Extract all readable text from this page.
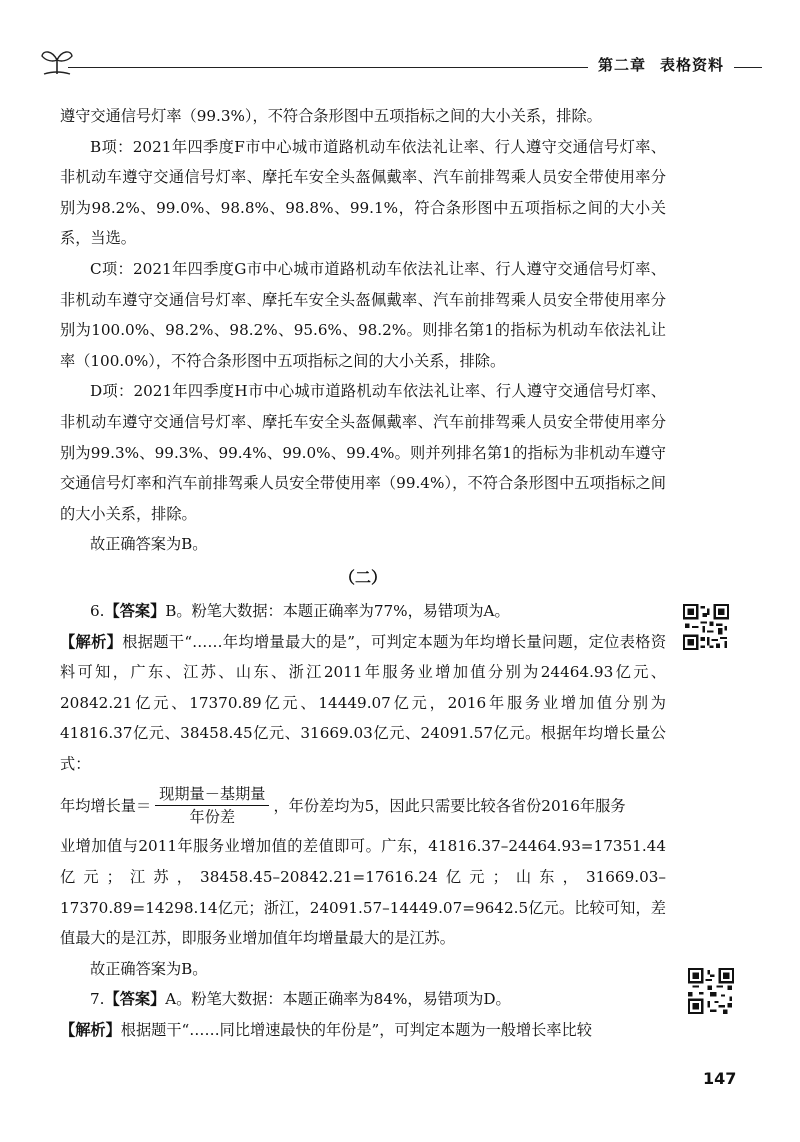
第二章 表格资料

遵守交通信号灯率（99.3%），不符合条形图中五项指标之间的大小关系，排除。

B项：2021年四季度F市中心城市道路机动车依法礼让率、行人遵守交通信号灯率、非机动车遵守交通信号灯率、摩托车安全头盔佩戴率、汽车前排驾乘人员安全带使用率分别为98.2%、99.0%、98.8%、98.8%、99.1%，符合条形图中五项指标之间的大小关系，当选。

C项：2021年四季度G市中心城市道路机动车依法礼让率、行人遵守交通信号灯率、非机动车遵守交通信号灯率、摩托车安全头盔佩戴率、汽车前排驾乘人员安全带使用率分别为100.0%、98.2%、98.2%、95.6%、98.2%。则排名第1的指标为机动车依法礼让率（100.0%），不符合条形图中五项指标之间的大小关系，排除。

D项：2021年四季度H市中心城市道路机动车依法礼让率、行人遵守交通信号灯率、非机动车遵守交通信号灯率、摩托车安全头盔佩戴率、汽车前排驾乘人员安全带使用率分别为99.3%、99.3%、99.4%、99.0%、99.4%。则并列排名第1的指标为非机动车遵守交通信号灯率和汽车前排驾乘人员安全带使用率（99.4%），不符合条形图中五项指标之间的大小关系，排除。

故正确答案为B。

（二）

6.【答案】B。粉笔大数据：本题正确率为77%，易错项为A。

【解析】根据题干“……年均增量最大的是”，可判定本题为年均增长量问题，定位表格资料可知，广东、江苏、山东、浙江2011年服务业增加值分别为24464.93亿元、20842.21亿元、17370.89亿元、14449.07亿元，2016年服务业增加值分别为41816.37亿元、38458.45亿元、31669.03亿元、24091.57亿元。根据年均增长量公式：

年均增长量＝ $\frac{\text{现期量－基期量}}{\text{年份差}}$ ，年份差均为5，因此只需要比较各省份2016年服务

业增加值与2011年服务业增加值的差值即可。广东，41816.37–24464.93=17351.44亿元；江苏，38458.45–20842.21=17616.24亿元；山东，31669.03–17370.89=14298.14亿元；浙江，24091.57–14449.07=9642.5亿元。比较可知，差值最大的是江苏，即服务业增加值年均增量最大的是江苏。

故正确答案为B。

7.【答案】A。粉笔大数据：本题正确率为84%，易错项为D。

【解析】根据题干“……同比增速最快的年份是”，可判定本题为一般增长率比较

147
